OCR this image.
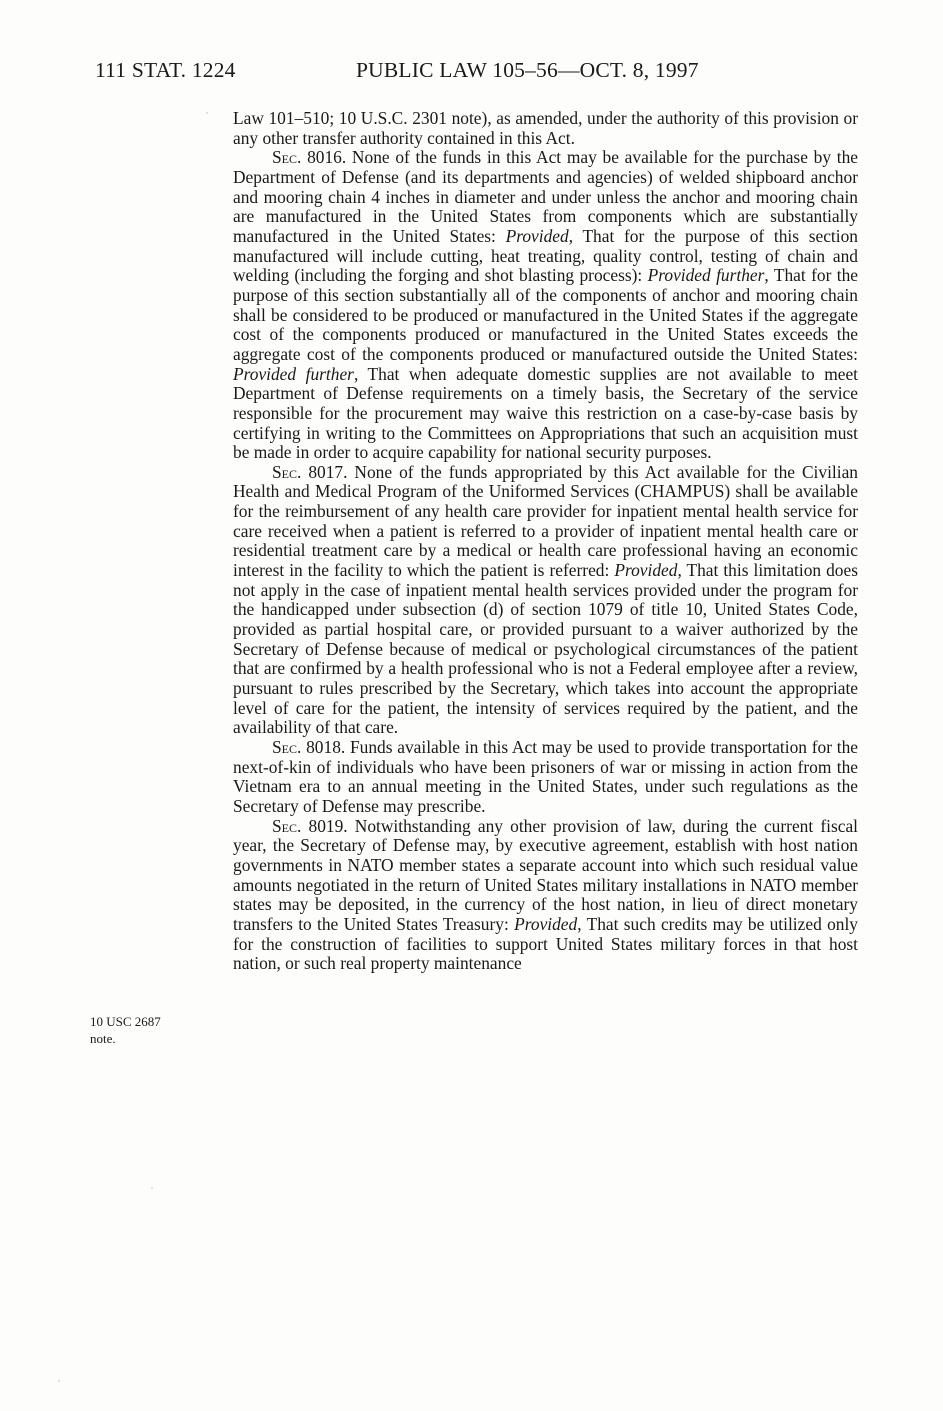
111 STAT. 1224	PUBLIC LAW 105–56—OCT. 8, 1997
10 USC 2687
note.

Law 101–510; 10 U.S.C. 2301 note), as amended, under the authority of this provision or any other transfer authority contained in this Act.

Sec. 8016. None of the funds in this Act may be available for the purchase by the Department of Defense (and its departments and agencies) of welded shipboard anchor and mooring chain 4 inches in diameter and under unless the anchor and mooring chain are manufactured in the United States from components which are substantially manufactured in the United States: Provided, That for the purpose of this section manufactured will include cutting, heat treating, quality control, testing of chain and welding (including the forging and shot blasting process): Provided further, That for the purpose of this section substantially all of the components of anchor and mooring chain shall be considered to be produced or manufactured in the United States if the aggregate cost of the components produced or manufactured in the United States exceeds the aggregate cost of the components produced or manufactured outside the United States: Provided further, That when adequate domestic supplies are not available to meet Department of Defense requirements on a timely basis, the Secretary of the service responsible for the procurement may waive this restriction on a case-by-case basis by certifying in writing to the Committees on Appropriations that such an acquisition must be made in order to acquire capability for national security purposes.

Sec. 8017. None of the funds appropriated by this Act available for the Civilian Health and Medical Program of the Uniformed Services (CHAMPUS) shall be available for the reimbursement of any health care provider for inpatient mental health service for care received when a patient is referred to a provider of inpatient mental health care or residential treatment care by a medical or health care professional having an economic interest in the facility to which the patient is referred: Provided, That this limitation does not apply in the case of inpatient mental health services provided under the program for the handicapped under subsection (d) of section 1079 of title 10, United States Code, provided as partial hospital care, or provided pursuant to a waiver authorized by the Secretary of Defense because of medical or psychological circumstances of the patient that are confirmed by a health professional who is not a Federal employee after a review, pursuant to rules prescribed by the Secretary, which takes into account the appropriate level of care for the patient, the intensity of services required by the patient, and the availability of that care.

Sec. 8018. Funds available in this Act may be used to provide transportation for the next-of-kin of individuals who have been prisoners of war or missing in action from the Vietnam era to an annual meeting in the United States, under such regulations as the Secretary of Defense may prescribe.

Sec. 8019. Notwithstanding any other provision of law, during the current fiscal year, the Secretary of Defense may, by executive agreement, establish with host nation governments in NATO member states a separate account into which such residual value amounts negotiated in the return of United States military installations in NATO member states may be deposited, in the currency of the host nation, in lieu of direct monetary transfers to the United States Treasury: Provided, That such credits may be utilized only for the construction of facilities to support United States military forces in that host nation, or such real property maintenance
